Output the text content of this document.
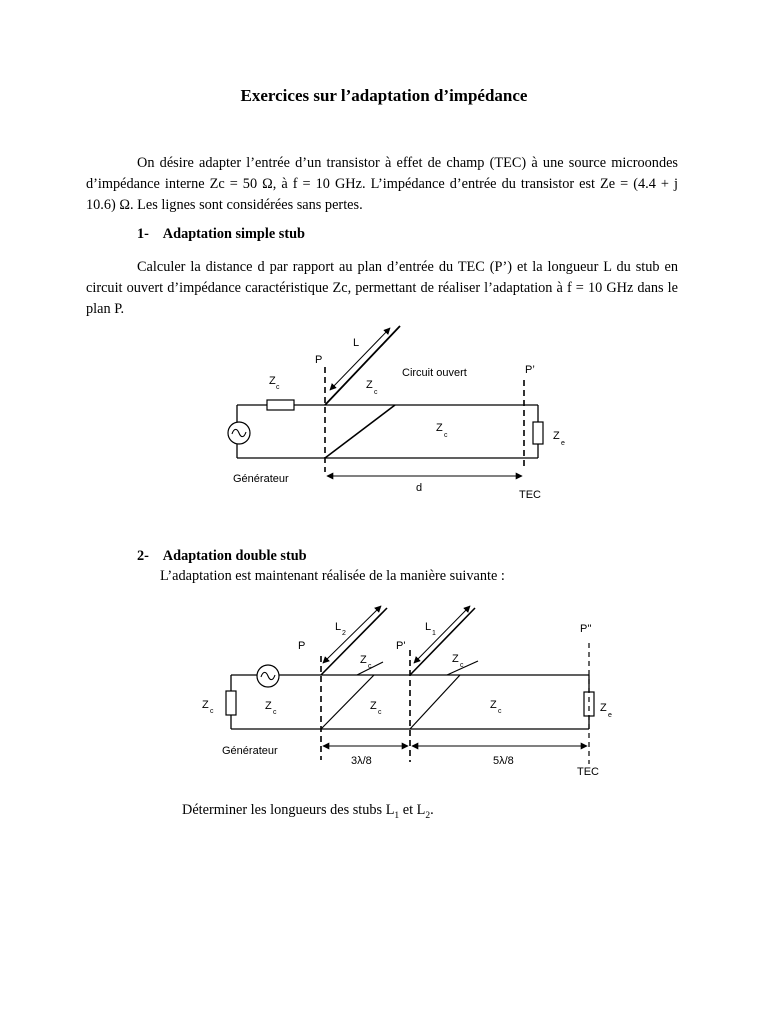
Exercices sur l’adaptation d’impédance
On désire adapter l’entrée d’un transistor à effet de champ (TEC) à une source microondes d’impédance interne Zc = 50 Ω, à f = 10 GHz. L’impédance d’entrée du transistor est Ze = (4.4 + j 10.6) Ω. Les lignes sont considérées sans pertes.
1- Adaptation simple stub
Calculer la distance d par rapport au plan d’entrée du TEC (P’) et la longueur L du stub en circuit ouvert d’impédance caractéristique Zc, permettant de réaliser l’adaptation à f = 10 GHz dans le plan P.
2- Adaptation double stub
L’adaptation est maintenant réalisée de la manière suivante :
L
P
P’
Circuit ouvert
Z
c	Z
c
Z
c	Z
e
Générateur
d
TEC
L
2
L
1	P''
P	P'
Z
c
Z
c
Z
c	Z
c
Z
c
Z
c	Z
e
Générateur
3λ/8	5λ/8
TEC
Déterminer les longueurs des stubs $L_1$ et $L_2$.
